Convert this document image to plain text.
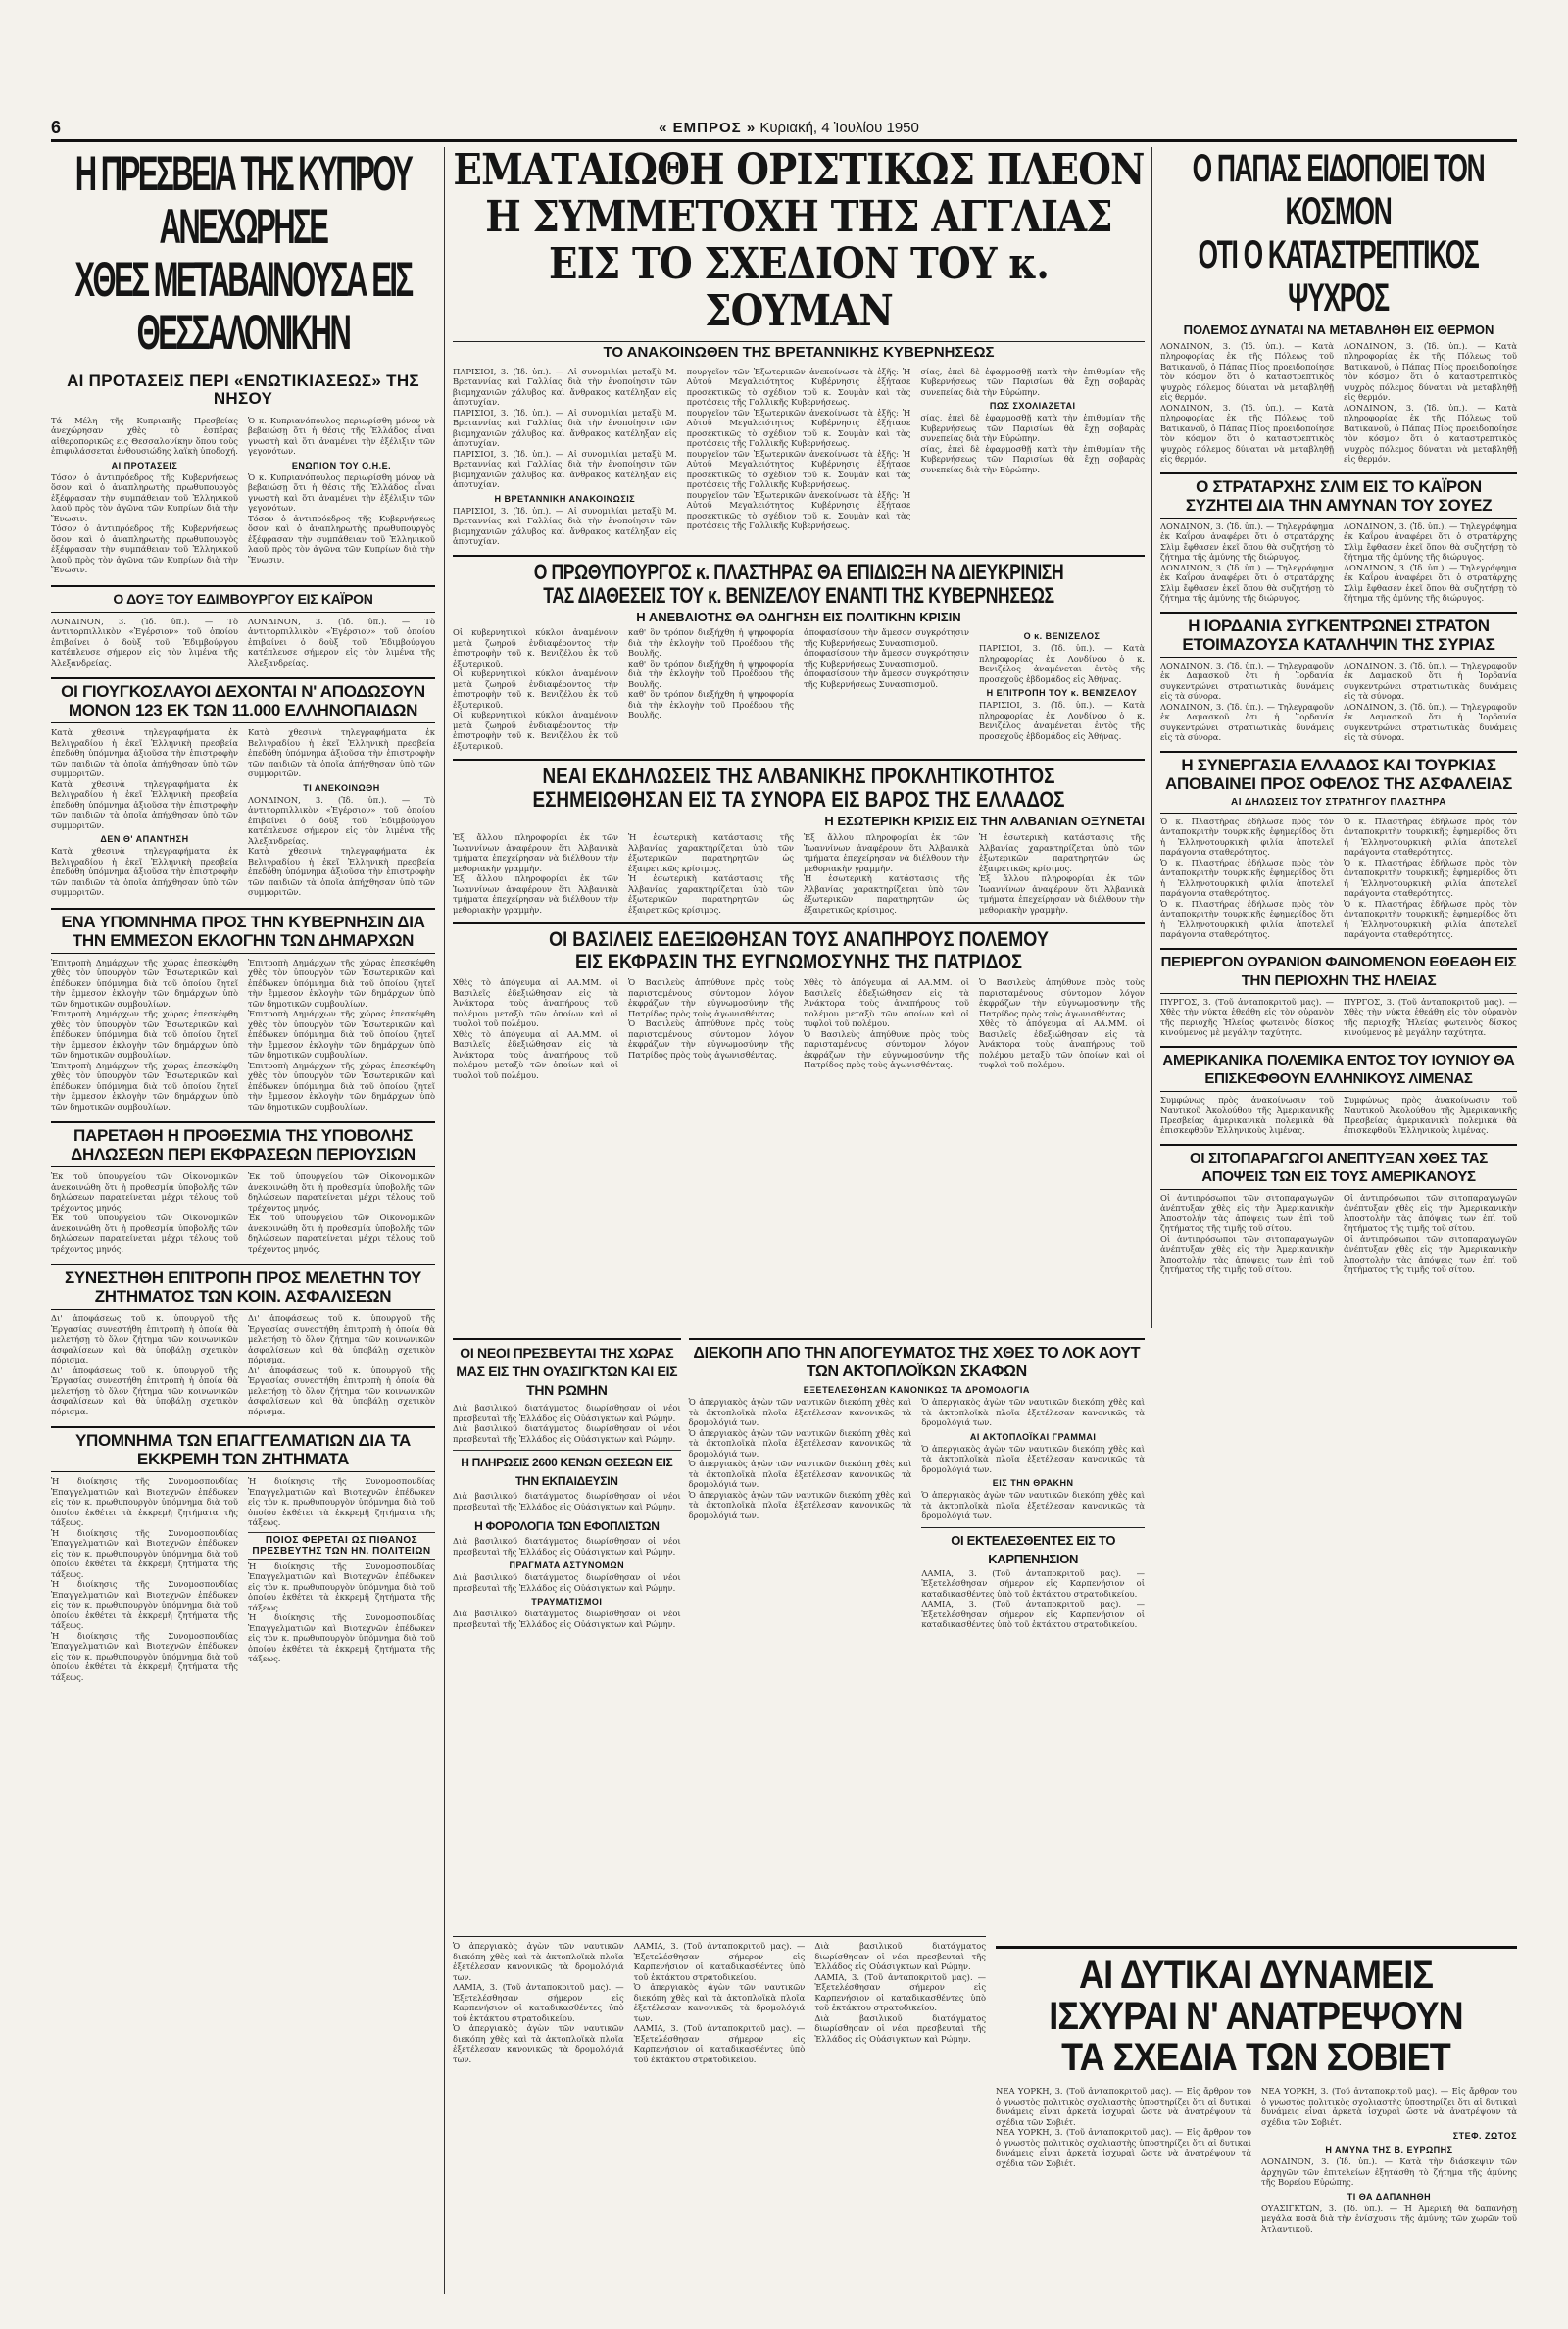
6	« ΕΜΠΡΟΣ » Κυριακή, 4 Ἰουλίου 1950
Η ΠΡΕΣΒΕΙΑ ΤΗΣ ΚΥΠΡΟΥ ΑΝΕΧΩΡΗΣΕ
ΧΘΕΣ ΜΕΤΑΒΑΙΝΟΥΣΑ ΕΙΣ ΘΕΣΣΑΛΟΝΙΚΗΝ
ΑΙ ΠΡΟΤΑΣΕΙΣ ΠΕΡΙ «ΕΝΩΤΙΚΙΑΣΕΩΣ» ΤΗΣ ΝΗΣΟΥ

Τά Μέλη τῆς Κυπριακῆς Πρεσβείας ἀνεχώρησαν χθὲς τὸ ἑσπέρας αἰθεροπορικῶς εἰς Θεσσαλονίκην ὅπου τοὺς ἐπιφυλάσσεται ἐνθουσιώδης λαϊκὴ ὑποδοχή.

ΑΙ ΠΡΟΤΑΣΕΙΣ

Τόσον ὁ ἀντιπρόεδρος τῆς Κυβερνήσεως ὅσον καὶ ὁ ἀναπληρωτὴς πρωθυπουργὸς ἐξέφρασαν τὴν συμπάθειαν τοῦ Ἑλληνικοῦ λαοῦ πρὸς τὸν ἀγῶνα τῶν Κυπρίων διὰ τὴν Ἕνωσιν.

Τόσον ὁ ἀντιπρόεδρος τῆς Κυβερνήσεως ὅσον καὶ ὁ ἀναπληρωτὴς πρωθυπουργὸς ἐξέφρασαν τὴν συμπάθειαν τοῦ Ἑλληνικοῦ λαοῦ πρὸς τὸν ἀγῶνα τῶν Κυπρίων διὰ τὴν Ἕνωσιν.

Ὁ κ. Κυπριανόπουλος περιωρίσθη μόνον νὰ βεβαιώσῃ ὅτι ἡ θέσις τῆς Ἑλλάδος εἶναι γνωστὴ καὶ ὅτι ἀναμένει τὴν ἐξέλιξιν τῶν γεγονότων.

ΕΝΩΠΙΟΝ ΤΟΥ Ο.Η.Ε.

Ὁ κ. Κυπριανόπουλος περιωρίσθη μόνον νὰ βεβαιώσῃ ὅτι ἡ θέσις τῆς Ἑλλάδος εἶναι γνωστὴ καὶ ὅτι ἀναμένει τὴν ἐξέλιξιν τῶν γεγονότων.

Τόσον ὁ ἀντιπρόεδρος τῆς Κυβερνήσεως ὅσον καὶ ὁ ἀναπληρωτὴς πρωθυπουργὸς ἐξέφρασαν τὴν συμπάθειαν τοῦ Ἑλληνικοῦ λαοῦ πρὸς τὸν ἀγῶνα τῶν Κυπρίων διὰ τὴν Ἕνωσιν.

Ο ΔΟΥΞ ΤΟΥ ΕΔΙΜΒΟΥΡΓΟΥ ΕΙΣ ΚΑΪΡΟΝ

ΛΟΝΔΙΝΟΝ, 3. (Ἰδ. ὑπ.). — Τὸ ἀντιτορπιλλικὸν «Ἐγέρσιον» τοῦ ὁποίου ἐπιβαίνει ὁ δοὺξ τοῦ Ἐδιμβούργου κατέπλευσε σήμερον εἰς τὸν λιμένα τῆς Ἀλεξανδρείας.

ΛΟΝΔΙΝΟΝ, 3. (Ἰδ. ὑπ.). — Τὸ ἀντιτορπιλλικὸν «Ἐγέρσιον» τοῦ ὁποίου ἐπιβαίνει ὁ δοὺξ τοῦ Ἐδιμβούργου κατέπλευσε σήμερον εἰς τὸν λιμένα τῆς Ἀλεξανδρείας.

ΟΙ ΓΙΟΥΓΚΟΣΛΑΥΟΙ ΔΕΧΟΝΤΑΙ Ν' ΑΠΟΔΩΣΟΥΝ ΜΟΝΟΝ 123 ΕΚ ΤΩΝ 11.000 ΕΛΛΗΝΟΠΑΙΔΩΝ

Κατὰ χθεσινὰ τηλεγραφήματα ἐκ Βελιγραδίου ἡ ἐκεῖ Ἑλληνικὴ πρεσβεία ἐπεδόθη ὑπόμνημα ἀξιοῦσα τὴν ἐπιστροφὴν τῶν παιδιῶν τὰ ὁποῖα ἀπήχθησαν ὑπὸ τῶν συμμοριτῶν.

Κατὰ χθεσινὰ τηλεγραφήματα ἐκ Βελιγραδίου ἡ ἐκεῖ Ἑλληνικὴ πρεσβεία ἐπεδόθη ὑπόμνημα ἀξιοῦσα τὴν ἐπιστροφὴν τῶν παιδιῶν τὰ ὁποῖα ἀπήχθησαν ὑπὸ τῶν συμμοριτῶν.

ΔΕΝ Θ' ΑΠΑΝΤΗΣΗ

Κατὰ χθεσινὰ τηλεγραφήματα ἐκ Βελιγραδίου ἡ ἐκεῖ Ἑλληνικὴ πρεσβεία ἐπεδόθη ὑπόμνημα ἀξιοῦσα τὴν ἐπιστροφὴν τῶν παιδιῶν τὰ ὁποῖα ἀπήχθησαν ὑπὸ τῶν συμμοριτῶν.

Κατὰ χθεσινὰ τηλεγραφήματα ἐκ Βελιγραδίου ἡ ἐκεῖ Ἑλληνικὴ πρεσβεία ἐπεδόθη ὑπόμνημα ἀξιοῦσα τὴν ἐπιστροφὴν τῶν παιδιῶν τὰ ὁποῖα ἀπήχθησαν ὑπὸ τῶν συμμοριτῶν.

ΤΙ ΑΝΕΚΟΙΝΩΘΗ

ΛΟΝΔΙΝΟΝ, 3. (Ἰδ. ὑπ.). — Τὸ ἀντιτορπιλλικὸν «Ἐγέρσιον» τοῦ ὁποίου ἐπιβαίνει ὁ δοὺξ τοῦ Ἐδιμβούργου κατέπλευσε σήμερον εἰς τὸν λιμένα τῆς Ἀλεξανδρείας.

Κατὰ χθεσινὰ τηλεγραφήματα ἐκ Βελιγραδίου ἡ ἐκεῖ Ἑλληνικὴ πρεσβεία ἐπεδόθη ὑπόμνημα ἀξιοῦσα τὴν ἐπιστροφὴν τῶν παιδιῶν τὰ ὁποῖα ἀπήχθησαν ὑπὸ τῶν συμμοριτῶν.

ΕΝΑ ΥΠΟΜΝΗΜΑ ΠΡΟΣ ΤΗΝ ΚΥΒΕΡΝΗΣΙΝ ΔΙΑ ΤΗΝ ΕΜΜΕΣΟΝ ΕΚΛΟΓΗΝ ΤΩΝ ΔΗΜΑΡΧΩΝ

Ἐπιτροπὴ Δημάρχων τῆς χώρας ἐπεσκέφθη χθὲς τὸν ὑπουργὸν τῶν Ἐσωτερικῶν καὶ ἐπέδωκεν ὑπόμνημα διὰ τοῦ ὁποίου ζητεῖ τὴν ἔμμεσον ἐκλογὴν τῶν δημάρχων ὑπὸ τῶν δημοτικῶν συμβουλίων.

Ἐπιτροπὴ Δημάρχων τῆς χώρας ἐπεσκέφθη χθὲς τὸν ὑπουργὸν τῶν Ἐσωτερικῶν καὶ ἐπέδωκεν ὑπόμνημα διὰ τοῦ ὁποίου ζητεῖ τὴν ἔμμεσον ἐκλογὴν τῶν δημάρχων ὑπὸ τῶν δημοτικῶν συμβουλίων.

Ἐπιτροπὴ Δημάρχων τῆς χώρας ἐπεσκέφθη χθὲς τὸν ὑπουργὸν τῶν Ἐσωτερικῶν καὶ ἐπέδωκεν ὑπόμνημα διὰ τοῦ ὁποίου ζητεῖ τὴν ἔμμεσον ἐκλογὴν τῶν δημάρχων ὑπὸ τῶν δημοτικῶν συμβουλίων.

Ἐπιτροπὴ Δημάρχων τῆς χώρας ἐπεσκέφθη χθὲς τὸν ὑπουργὸν τῶν Ἐσωτερικῶν καὶ ἐπέδωκεν ὑπόμνημα διὰ τοῦ ὁποίου ζητεῖ τὴν ἔμμεσον ἐκλογὴν τῶν δημάρχων ὑπὸ τῶν δημοτικῶν συμβουλίων.

Ἐπιτροπὴ Δημάρχων τῆς χώρας ἐπεσκέφθη χθὲς τὸν ὑπουργὸν τῶν Ἐσωτερικῶν καὶ ἐπέδωκεν ὑπόμνημα διὰ τοῦ ὁποίου ζητεῖ τὴν ἔμμεσον ἐκλογὴν τῶν δημάρχων ὑπὸ τῶν δημοτικῶν συμβουλίων.

Ἐπιτροπὴ Δημάρχων τῆς χώρας ἐπεσκέφθη χθὲς τὸν ὑπουργὸν τῶν Ἐσωτερικῶν καὶ ἐπέδωκεν ὑπόμνημα διὰ τοῦ ὁποίου ζητεῖ τὴν ἔμμεσον ἐκλογὴν τῶν δημάρχων ὑπὸ τῶν δημοτικῶν συμβουλίων.

ΠΑΡΕΤΑΘΗ Η ΠΡΟΘΕΣΜΙΑ ΤΗΣ ΥΠΟΒΟΛΗΣ ΔΗΛΩΣΕΩΝ ΠΕΡΙ ΕΚΦΡΑΣΕΩΝ ΠΕΡΙΟΥΣΙΩΝ

Ἐκ τοῦ ὑπουργείου τῶν Οἰκονομικῶν ἀνεκοινώθη ὅτι ἡ προθεσμία ὑποβολῆς τῶν δηλώσεων παρατείνεται μέχρι τέλους τοῦ τρέχοντος μηνός.

Ἐκ τοῦ ὑπουργείου τῶν Οἰκονομικῶν ἀνεκοινώθη ὅτι ἡ προθεσμία ὑποβολῆς τῶν δηλώσεων παρατείνεται μέχρι τέλους τοῦ τρέχοντος μηνός.

Ἐκ τοῦ ὑπουργείου τῶν Οἰκονομικῶν ἀνεκοινώθη ὅτι ἡ προθεσμία ὑποβολῆς τῶν δηλώσεων παρατείνεται μέχρι τέλους τοῦ τρέχοντος μηνός.

Ἐκ τοῦ ὑπουργείου τῶν Οἰκονομικῶν ἀνεκοινώθη ὅτι ἡ προθεσμία ὑποβολῆς τῶν δηλώσεων παρατείνεται μέχρι τέλους τοῦ τρέχοντος μηνός.

ΣΥΝΕΣΤΗΘΗ ΕΠΙΤΡΟΠΗ ΠΡΟΣ ΜΕΛΕΤΗΝ ΤΟΥ ΖΗΤΗΜΑΤΟΣ ΤΩΝ ΚΟΙΝ. ΑΣΦΑΛΙΣΕΩΝ

Δι' ἀποφάσεως τοῦ κ. ὑπουργοῦ τῆς Ἐργασίας συνεστήθη ἐπιτροπὴ ἡ ὁποία θὰ μελετήσῃ τὸ ὅλον ζήτημα τῶν κοινωνικῶν ἀσφαλίσεων καὶ θὰ ὑποβάλῃ σχετικὸν πόρισμα.

Δι' ἀποφάσεως τοῦ κ. ὑπουργοῦ τῆς Ἐργασίας συνεστήθη ἐπιτροπὴ ἡ ὁποία θὰ μελετήσῃ τὸ ὅλον ζήτημα τῶν κοινωνικῶν ἀσφαλίσεων καὶ θὰ ὑποβάλῃ σχετικὸν πόρισμα.

Δι' ἀποφάσεως τοῦ κ. ὑπουργοῦ τῆς Ἐργασίας συνεστήθη ἐπιτροπὴ ἡ ὁποία θὰ μελετήσῃ τὸ ὅλον ζήτημα τῶν κοινωνικῶν ἀσφαλίσεων καὶ θὰ ὑποβάλῃ σχετικὸν πόρισμα.

Δι' ἀποφάσεως τοῦ κ. ὑπουργοῦ τῆς Ἐργασίας συνεστήθη ἐπιτροπὴ ἡ ὁποία θὰ μελετήσῃ τὸ ὅλον ζήτημα τῶν κοινωνικῶν ἀσφαλίσεων καὶ θὰ ὑποβάλῃ σχετικὸν πόρισμα.

ΥΠΟΜΝΗΜΑ ΤΩΝ ΕΠΑΓΓΕΛΜΑΤΙΩΝ ΔΙΑ ΤΑ ΕΚΚΡΕΜΗ ΤΩΝ ΖΗΤΗΜΑΤΑ

Ἡ διοίκησις τῆς Συνομοσπονδίας Ἐπαγγελματιῶν καὶ Βιοτεχνῶν ἐπέδωκεν εἰς τὸν κ. πρωθυπουργὸν ὑπόμνημα διὰ τοῦ ὁποίου ἐκθέτει τὰ ἐκκρεμῆ ζητήματα τῆς τάξεως.

Ἡ διοίκησις τῆς Συνομοσπονδίας Ἐπαγγελματιῶν καὶ Βιοτεχνῶν ἐπέδωκεν εἰς τὸν κ. πρωθυπουργὸν ὑπόμνημα διὰ τοῦ ὁποίου ἐκθέτει τὰ ἐκκρεμῆ ζητήματα τῆς τάξεως.

Ἡ διοίκησις τῆς Συνομοσπονδίας Ἐπαγγελματιῶν καὶ Βιοτεχνῶν ἐπέδωκεν εἰς τὸν κ. πρωθυπουργὸν ὑπόμνημα διὰ τοῦ ὁποίου ἐκθέτει τὰ ἐκκρεμῆ ζητήματα τῆς τάξεως.

Ἡ διοίκησις τῆς Συνομοσπονδίας Ἐπαγγελματιῶν καὶ Βιοτεχνῶν ἐπέδωκεν εἰς τὸν κ. πρωθυπουργὸν ὑπόμνημα διὰ τοῦ ὁποίου ἐκθέτει τὰ ἐκκρεμῆ ζητήματα τῆς τάξεως.

Ἡ διοίκησις τῆς Συνομοσπονδίας Ἐπαγγελματιῶν καὶ Βιοτεχνῶν ἐπέδωκεν εἰς τὸν κ. πρωθυπουργὸν ὑπόμνημα διὰ τοῦ ὁποίου ἐκθέτει τὰ ἐκκρεμῆ ζητήματα τῆς τάξεως.

ΠΟΙΟΣ ΦΕΡΕΤΑΙ ΩΣ ΠΙΘΑΝΟΣ ΠΡΕΣΒΕΥΤΗΣ ΤΩΝ ΗΝ. ΠΟΛΙΤΕΙΩΝ

Ἡ διοίκησις τῆς Συνομοσπονδίας Ἐπαγγελματιῶν καὶ Βιοτεχνῶν ἐπέδωκεν εἰς τὸν κ. πρωθυπουργὸν ὑπόμνημα διὰ τοῦ ὁποίου ἐκθέτει τὰ ἐκκρεμῆ ζητήματα τῆς τάξεως.

Ἡ διοίκησις τῆς Συνομοσπονδίας Ἐπαγγελματιῶν καὶ Βιοτεχνῶν ἐπέδωκεν εἰς τὸν κ. πρωθυπουργὸν ὑπόμνημα διὰ τοῦ ὁποίου ἐκθέτει τὰ ἐκκρεμῆ ζητήματα τῆς τάξεως.

ΕΜΑΤΑΙΩΘΗ ΟΡΙΣΤΙΚΩΣ ΠΛΕΟΝ
Η ΣΥΜΜΕΤΟΧΗ ΤΗΣ ΑΓΓΛΙΑΣ
ΕΙΣ ΤΟ ΣΧΕΔΙΟΝ ΤΟΥ κ. ΣΟΥΜΑΝ
ΤΟ ΑΝΑΚΟΙΝΩΘΕΝ ΤΗΣ ΒΡΕΤΑΝΝΙΚΗΣ ΚΥΒΕΡΝΗΣΕΩΣ

ΠΑΡΙΣΙΟΙ, 3. (Ἰδ. ὑπ.). — Αἱ συνομιλίαι μεταξὺ Μ. Βρεταννίας καὶ Γαλλίας διὰ τὴν ἐνοποίησιν τῶν βιομηχανιῶν χάλυβος καὶ ἄνθρακος κατέληξαν εἰς ἀποτυχίαν.

ΠΑΡΙΣΙΟΙ, 3. (Ἰδ. ὑπ.). — Αἱ συνομιλίαι μεταξὺ Μ. Βρεταννίας καὶ Γαλλίας διὰ τὴν ἐνοποίησιν τῶν βιομηχανιῶν χάλυβος καὶ ἄνθρακος κατέληξαν εἰς ἀποτυχίαν.

ΠΑΡΙΣΙΟΙ, 3. (Ἰδ. ὑπ.). — Αἱ συνομιλίαι μεταξὺ Μ. Βρεταννίας καὶ Γαλλίας διὰ τὴν ἐνοποίησιν τῶν βιομηχανιῶν χάλυβος καὶ ἄνθρακος κατέληξαν εἰς ἀποτυχίαν.

Η ΒΡΕΤΑΝΝΙΚΗ ΑΝΑΚΟΙΝΩΣΙΣ

ΠΑΡΙΣΙΟΙ, 3. (Ἰδ. ὑπ.). — Αἱ συνομιλίαι μεταξὺ Μ. Βρεταννίας καὶ Γαλλίας διὰ τὴν ἐνοποίησιν τῶν βιομηχανιῶν χάλυβος καὶ ἄνθρακος κατέληξαν εἰς ἀποτυχίαν.

πουργεῖον τῶν Ἐξωτερικῶν ἀνεκοίνωσε τὰ ἑξῆς: Ἡ Αὐτοῦ Μεγαλειότητος Κυβέρνησις ἐξήτασε προσεκτικῶς τὸ σχέδιον τοῦ κ. Σουμὰν καὶ τὰς προτάσεις τῆς Γαλλικῆς Κυβερνήσεως.

πουργεῖον τῶν Ἐξωτερικῶν ἀνεκοίνωσε τὰ ἑξῆς: Ἡ Αὐτοῦ Μεγαλειότητος Κυβέρνησις ἐξήτασε προσεκτικῶς τὸ σχέδιον τοῦ κ. Σουμὰν καὶ τὰς προτάσεις τῆς Γαλλικῆς Κυβερνήσεως.

πουργεῖον τῶν Ἐξωτερικῶν ἀνεκοίνωσε τὰ ἑξῆς: Ἡ Αὐτοῦ Μεγαλειότητος Κυβέρνησις ἐξήτασε προσεκτικῶς τὸ σχέδιον τοῦ κ. Σουμὰν καὶ τὰς προτάσεις τῆς Γαλλικῆς Κυβερνήσεως.

πουργεῖον τῶν Ἐξωτερικῶν ἀνεκοίνωσε τὰ ἑξῆς: Ἡ Αὐτοῦ Μεγαλειότητος Κυβέρνησις ἐξήτασε προσεκτικῶς τὸ σχέδιον τοῦ κ. Σουμὰν καὶ τὰς προτάσεις τῆς Γαλλικῆς Κυβερνήσεως.

σίας, ἐπεὶ δὲ ἐφαρμοσθῇ κατὰ τὴν ἐπιθυμίαν τῆς Κυβερνήσεως τῶν Παρισίων θὰ ἔχῃ σοβαρὰς συνεπείας διὰ τὴν Εὐρώπην.

ΠΩΣ ΣΧΟΛΙΑΖΕΤΑΙ

σίας, ἐπεὶ δὲ ἐφαρμοσθῇ κατὰ τὴν ἐπιθυμίαν τῆς Κυβερνήσεως τῶν Παρισίων θὰ ἔχῃ σοβαρὰς συνεπείας διὰ τὴν Εὐρώπην.

σίας, ἐπεὶ δὲ ἐφαρμοσθῇ κατὰ τὴν ἐπιθυμίαν τῆς Κυβερνήσεως τῶν Παρισίων θὰ ἔχῃ σοβαρὰς συνεπείας διὰ τὴν Εὐρώπην.

Ο ΠΡΩΘΥΠΟΥΡΓΟΣ κ. ΠΛΑΣΤΗΡΑΣ ΘΑ ΕΠΙΔΙΩΞΗ ΝΑ ΔΙΕΥΚΡΙΝΙΣΗ
ΤΑΣ ΔΙΑΘΕΣΕΙΣ ΤΟΥ κ. ΒΕΝΙΖΕΛΟΥ ΕΝΑΝΤΙ ΤΗΣ ΚΥΒΕΡΝΗΣΕΩΣ
Η ΑΝΕΒΑΙΟΤΗΣ ΘΑ ΟΔΗΓΗΣΗ ΕΙΣ ΠΟΛΙΤΙΚΗΝ ΚΡΙΣΙΝ

Οἱ κυβερνητικοὶ κύκλοι ἀναμένουν μετὰ ζωηροῦ ἐνδιαφέροντος τὴν ἐπιστροφὴν τοῦ κ. Βενιζέλου ἐκ τοῦ ἐξωτερικοῦ.

Οἱ κυβερνητικοὶ κύκλοι ἀναμένουν μετὰ ζωηροῦ ἐνδιαφέροντος τὴν ἐπιστροφὴν τοῦ κ. Βενιζέλου ἐκ τοῦ ἐξωτερικοῦ.

Οἱ κυβερνητικοὶ κύκλοι ἀναμένουν μετὰ ζωηροῦ ἐνδιαφέροντος τὴν ἐπιστροφὴν τοῦ κ. Βενιζέλου ἐκ τοῦ ἐξωτερικοῦ.

καθ' ὃν τρόπον διεξήχθη ἡ ψηφοφορία διὰ τὴν ἐκλογὴν τοῦ Προέδρου τῆς Βουλῆς.

καθ' ὃν τρόπον διεξήχθη ἡ ψηφοφορία διὰ τὴν ἐκλογὴν τοῦ Προέδρου τῆς Βουλῆς.

καθ' ὃν τρόπον διεξήχθη ἡ ψηφοφορία διὰ τὴν ἐκλογὴν τοῦ Προέδρου τῆς Βουλῆς.

ἀποφασίσουν τὴν ἄμεσον συγκρότησιν τῆς Κυβερνήσεως Συνασπισμοῦ.

ἀποφασίσουν τὴν ἄμεσον συγκρότησιν τῆς Κυβερνήσεως Συνασπισμοῦ.

ἀποφασίσουν τὴν ἄμεσον συγκρότησιν τῆς Κυβερνήσεως Συνασπισμοῦ.

Ο κ. ΒΕΝΙΖΕΛΟΣ

ΠΑΡΙΣΙΟΙ, 3. (Ἰδ. ὑπ.). — Κατὰ πληροφορίας ἐκ Λονδίνου ὁ κ. Βενιζέλος ἀναμένεται ἐντὸς τῆς προσεχοῦς ἑβδομάδος εἰς Ἀθήνας.

Η ΕΠΙΤΡΟΠΗ ΤΟΥ κ. ΒΕΝΙΖΕΛΟΥ

ΠΑΡΙΣΙΟΙ, 3. (Ἰδ. ὑπ.). — Κατὰ πληροφορίας ἐκ Λονδίνου ὁ κ. Βενιζέλος ἀναμένεται ἐντὸς τῆς προσεχοῦς ἑβδομάδος εἰς Ἀθήνας.

ΝΕΑΙ ΕΚΔΗΛΩΣΕΙΣ ΤΗΣ ΑΛΒΑΝΙΚΗΣ ΠΡΟΚΛΗΤΙΚΟΤΗΤΟΣ
ΕΣΗΜΕΙΩΘΗΣΑΝ ΕΙΣ ΤΑ ΣΥΝΟΡΑ ΕΙΣ ΒΑΡΟΣ ΤΗΣ ΕΛΛΑΔΟΣ
Η ΕΣΩΤΕΡΙΚΗ ΚΡΙΣΙΣ ΕΙΣ ΤΗΝ ΑΛΒΑΝΙΑΝ ΟΞΥΝΕΤΑΙ

Ἐξ ἄλλου πληροφορίαι ἐκ τῶν Ἰωαννίνων ἀναφέρουν ὅτι Ἀλβανικὰ τμήματα ἐπεχείρησαν νὰ διέλθουν τὴν μεθοριακὴν γραμμὴν.

Ἐξ ἄλλου πληροφορίαι ἐκ τῶν Ἰωαννίνων ἀναφέρουν ὅτι Ἀλβανικὰ τμήματα ἐπεχείρησαν νὰ διέλθουν τὴν μεθοριακὴν γραμμὴν.

Ἡ ἐσωτερικὴ κατάστασις τῆς Ἀλβανίας χαρακτηρίζεται ὑπὸ τῶν ἐξωτερικῶν παρατηρητῶν ὡς ἐξαιρετικῶς κρίσιμος.

Ἡ ἐσωτερικὴ κατάστασις τῆς Ἀλβανίας χαρακτηρίζεται ὑπὸ τῶν ἐξωτερικῶν παρατηρητῶν ὡς ἐξαιρετικῶς κρίσιμος.

Ἐξ ἄλλου πληροφορίαι ἐκ τῶν Ἰωαννίνων ἀναφέρουν ὅτι Ἀλβανικὰ τμήματα ἐπεχείρησαν νὰ διέλθουν τὴν μεθοριακὴν γραμμὴν.

Ἡ ἐσωτερικὴ κατάστασις τῆς Ἀλβανίας χαρακτηρίζεται ὑπὸ τῶν ἐξωτερικῶν παρατηρητῶν ὡς ἐξαιρετικῶς κρίσιμος.

Ἡ ἐσωτερικὴ κατάστασις τῆς Ἀλβανίας χαρακτηρίζεται ὑπὸ τῶν ἐξωτερικῶν παρατηρητῶν ὡς ἐξαιρετικῶς κρίσιμος.

Ἐξ ἄλλου πληροφορίαι ἐκ τῶν Ἰωαννίνων ἀναφέρουν ὅτι Ἀλβανικὰ τμήματα ἐπεχείρησαν νὰ διέλθουν τὴν μεθοριακὴν γραμμὴν.

ΟΙ ΒΑΣΙΛΕΙΣ ΕΔΕΞΙΩΘΗΣΑΝ ΤΟΥΣ ΑΝΑΠΗΡΟΥΣ ΠΟΛΕΜΟΥ
ΕΙΣ ΕΚΦΡΑΣΙΝ ΤΗΣ ΕΥΓΝΩΜΟΣΥΝΗΣ ΤΗΣ ΠΑΤΡΙΔΟΣ

Χθὲς τὸ ἀπόγευμα αἱ ΑΑ.ΜΜ. οἱ Βασιλεῖς ἐδεξιώθησαν εἰς τὰ Ἀνάκτορα τοὺς ἀναπήρους τοῦ πολέμου μεταξὺ τῶν ὁποίων καὶ οἱ τυφλοὶ τοῦ πολέμου.

Χθὲς τὸ ἀπόγευμα αἱ ΑΑ.ΜΜ. οἱ Βασιλεῖς ἐδεξιώθησαν εἰς τὰ Ἀνάκτορα τοὺς ἀναπήρους τοῦ πολέμου μεταξὺ τῶν ὁποίων καὶ οἱ τυφλοὶ τοῦ πολέμου.

Ὁ Βασιλεὺς ἀπηύθυνε πρὸς τοὺς παρισταμένους σύντομον λόγον ἐκφράζων τὴν εὐγνωμοσύνην τῆς Πατρίδος πρὸς τοὺς ἀγωνισθέντας.

Ὁ Βασιλεὺς ἀπηύθυνε πρὸς τοὺς παρισταμένους σύντομον λόγον ἐκφράζων τὴν εὐγνωμοσύνην τῆς Πατρίδος πρὸς τοὺς ἀγωνισθέντας.

Χθὲς τὸ ἀπόγευμα αἱ ΑΑ.ΜΜ. οἱ Βασιλεῖς ἐδεξιώθησαν εἰς τὰ Ἀνάκτορα τοὺς ἀναπήρους τοῦ πολέμου μεταξὺ τῶν ὁποίων καὶ οἱ τυφλοὶ τοῦ πολέμου.

Ὁ Βασιλεὺς ἀπηύθυνε πρὸς τοὺς παρισταμένους σύντομον λόγον ἐκφράζων τὴν εὐγνωμοσύνην τῆς Πατρίδος πρὸς τοὺς ἀγωνισθέντας.

Ὁ Βασιλεὺς ἀπηύθυνε πρὸς τοὺς παρισταμένους σύντομον λόγον ἐκφράζων τὴν εὐγνωμοσύνην τῆς Πατρίδος πρὸς τοὺς ἀγωνισθέντας.

Χθὲς τὸ ἀπόγευμα αἱ ΑΑ.ΜΜ. οἱ Βασιλεῖς ἐδεξιώθησαν εἰς τὰ Ἀνάκτορα τοὺς ἀναπήρους τοῦ πολέμου μεταξὺ τῶν ὁποίων καὶ οἱ τυφλοὶ τοῦ πολέμου.

ΟΙ ΝΕΟΙ ΠΡΕΣΒΕΥΤΑΙ ΤΗΣ ΧΩΡΑΣ ΜΑΣ ΕΙΣ ΤΗΝ ΟΥΑΣΙΓΚΤΩΝ ΚΑΙ ΕΙΣ ΤΗΝ ΡΩΜΗΝ

Διὰ βασιλικοῦ διατάγματος διωρίσθησαν οἱ νέοι πρεσβευταὶ τῆς Ἑλλάδος εἰς Οὐάσιγκτων καὶ Ρώμην.

Διὰ βασιλικοῦ διατάγματος διωρίσθησαν οἱ νέοι πρεσβευταὶ τῆς Ἑλλάδος εἰς Οὐάσιγκτων καὶ Ρώμην.

Η ΠΛΗΡΩΣΙΣ 2600 ΚΕΝΩΝ ΘΕΣΕΩΝ ΕΙΣ ΤΗΝ ΕΚΠΑΙΔΕΥΣΙΝ

Διὰ βασιλικοῦ διατάγματος διωρίσθησαν οἱ νέοι πρεσβευταὶ τῆς Ἑλλάδος εἰς Οὐάσιγκτων καὶ Ρώμην.

Η ΦΟΡΟΛΟΓΙΑ ΤΩΝ ΕΦΟΠΛΙΣΤΩΝ

Διὰ βασιλικοῦ διατάγματος διωρίσθησαν οἱ νέοι πρεσβευταὶ τῆς Ἑλλάδος εἰς Οὐάσιγκτων καὶ Ρώμην.

ΠΡΑΓΜΑΤΑ ΑΣΤΥΝΟΜΩΝ

Διὰ βασιλικοῦ διατάγματος διωρίσθησαν οἱ νέοι πρεσβευταὶ τῆς Ἑλλάδος εἰς Οὐάσιγκτων καὶ Ρώμην.

ΤΡΑΥΜΑΤΙΣΜΟΙ

Διὰ βασιλικοῦ διατάγματος διωρίσθησαν οἱ νέοι πρεσβευταὶ τῆς Ἑλλάδος εἰς Οὐάσιγκτων καὶ Ρώμην.

ΔΙΕΚΟΠΗ ΑΠΟ ΤΗΝ ΑΠΟΓΕΥΜΑΤΟΣ ΤΗΣ ΧΘΕΣ ΤΟ ΛΟΚ ΑΟΥΤ ΤΩΝ ΑΚΤΟΠΛΟΪΚΩΝ ΣΚΑΦΩΝ
ΕΞΕΤΕΛΕΣΘΗΣΑΝ ΚΑΝΟΝΙΚΩΣ ΤΑ ΔΡΟΜΟΛΟΓΙΑ

Ὁ ἀπεργιακὸς ἀγὼν τῶν ναυτικῶν διεκόπη χθὲς καὶ τὰ ἀκτοπλοϊκὰ πλοῖα ἐξετέλεσαν κανονικῶς τὰ δρομολόγιά των.

Ὁ ἀπεργιακὸς ἀγὼν τῶν ναυτικῶν διεκόπη χθὲς καὶ τὰ ἀκτοπλοϊκὰ πλοῖα ἐξετέλεσαν κανονικῶς τὰ δρομολόγιά των.

Ὁ ἀπεργιακὸς ἀγὼν τῶν ναυτικῶν διεκόπη χθὲς καὶ τὰ ἀκτοπλοϊκὰ πλοῖα ἐξετέλεσαν κανονικῶς τὰ δρομολόγιά των.

Ὁ ἀπεργιακὸς ἀγὼν τῶν ναυτικῶν διεκόπη χθὲς καὶ τὰ ἀκτοπλοϊκὰ πλοῖα ἐξετέλεσαν κανονικῶς τὰ δρομολόγιά των.

Ὁ ἀπεργιακὸς ἀγὼν τῶν ναυτικῶν διεκόπη χθὲς καὶ τὰ ἀκτοπλοϊκὰ πλοῖα ἐξετέλεσαν κανονικῶς τὰ δρομολόγιά των.

ΑΙ ΑΚΤΟΠΛΟΪΚΑΙ ΓΡΑΜΜΑΙ

Ὁ ἀπεργιακὸς ἀγὼν τῶν ναυτικῶν διεκόπη χθὲς καὶ τὰ ἀκτοπλοϊκὰ πλοῖα ἐξετέλεσαν κανονικῶς τὰ δρομολόγιά των.

ΕΙΣ ΤΗΝ ΘΡΑΚΗΝ

Ὁ ἀπεργιακὸς ἀγὼν τῶν ναυτικῶν διεκόπη χθὲς καὶ τὰ ἀκτοπλοϊκὰ πλοῖα ἐξετέλεσαν κανονικῶς τὰ δρομολόγιά των.

ΟΙ ΕΚΤΕΛΕΣΘΕΝΤΕΣ ΕΙΣ ΤΟ ΚΑΡΠΕΝΗΣΙΟΝ

ΛΑΜΙΑ, 3. (Τοῦ ἀνταποκριτοῦ μας). — Ἐξετελέσθησαν σήμερον εἰς Καρπενήσιον οἱ καταδικασθέντες ὑπὸ τοῦ ἐκτάκτου στρατοδικείου.

ΛΑΜΙΑ, 3. (Τοῦ ἀνταποκριτοῦ μας). — Ἐξετελέσθησαν σήμερον εἰς Καρπενήσιον οἱ καταδικασθέντες ὑπὸ τοῦ ἐκτάκτου στρατοδικείου.

Ο ΠΑΠΑΣ ΕΙΔΟΠΟΙΕΙ ΤΟΝ ΚΟΣΜΟΝ
ΟΤΙ Ο ΚΑΤΑΣΤΡΕΠΤΙΚΟΣ ΨΥΧΡΟΣ
ΠΟΛΕΜΟΣ ΔΥΝΑΤΑΙ ΝΑ ΜΕΤΑΒΛΗΘΗ ΕΙΣ ΘΕΡΜΟΝ

ΛΟΝΔΙΝΟΝ, 3. (Ἰδ. ὑπ.). — Κατὰ πληροφορίας ἐκ τῆς Πόλεως τοῦ Βατικανοῦ, ὁ Πάπας Πίος προειδοποίησε τὸν κόσμον ὅτι ὁ καταστρεπτικὸς ψυχρὸς πόλεμος δύναται νὰ μεταβληθῇ εἰς θερμόν.

ΛΟΝΔΙΝΟΝ, 3. (Ἰδ. ὑπ.). — Κατὰ πληροφορίας ἐκ τῆς Πόλεως τοῦ Βατικανοῦ, ὁ Πάπας Πίος προειδοποίησε τὸν κόσμον ὅτι ὁ καταστρεπτικὸς ψυχρὸς πόλεμος δύναται νὰ μεταβληθῇ εἰς θερμόν.

ΛΟΝΔΙΝΟΝ, 3. (Ἰδ. ὑπ.). — Κατὰ πληροφορίας ἐκ τῆς Πόλεως τοῦ Βατικανοῦ, ὁ Πάπας Πίος προειδοποίησε τὸν κόσμον ὅτι ὁ καταστρεπτικὸς ψυχρὸς πόλεμος δύναται νὰ μεταβληθῇ εἰς θερμόν.

ΛΟΝΔΙΝΟΝ, 3. (Ἰδ. ὑπ.). — Κατὰ πληροφορίας ἐκ τῆς Πόλεως τοῦ Βατικανοῦ, ὁ Πάπας Πίος προειδοποίησε τὸν κόσμον ὅτι ὁ καταστρεπτικὸς ψυχρὸς πόλεμος δύναται νὰ μεταβληθῇ εἰς θερμόν.

Ο ΣΤΡΑΤΑΡΧΗΣ ΣΛΙΜ ΕΙΣ ΤΟ ΚΑΪΡΟΝ ΣΥΖΗΤΕΙ ΔΙΑ ΤΗΝ ΑΜΥΝΑΝ ΤΟΥ ΣΟΥΕΖ

ΛΟΝΔΙΝΟΝ, 3. (Ἰδ. ὑπ.). — Τηλεγράφημα ἐκ Καΐρου ἀναφέρει ὅτι ὁ στρατάρχης Σλὶμ ἔφθασεν ἐκεῖ ὅπου θὰ συζητήσῃ τὸ ζήτημα τῆς ἀμύνης τῆς διώρυγος.

ΛΟΝΔΙΝΟΝ, 3. (Ἰδ. ὑπ.). — Τηλεγράφημα ἐκ Καΐρου ἀναφέρει ὅτι ὁ στρατάρχης Σλὶμ ἔφθασεν ἐκεῖ ὅπου θὰ συζητήσῃ τὸ ζήτημα τῆς ἀμύνης τῆς διώρυγος.

ΛΟΝΔΙΝΟΝ, 3. (Ἰδ. ὑπ.). — Τηλεγράφημα ἐκ Καΐρου ἀναφέρει ὅτι ὁ στρατάρχης Σλὶμ ἔφθασεν ἐκεῖ ὅπου θὰ συζητήσῃ τὸ ζήτημα τῆς ἀμύνης τῆς διώρυγος.

ΛΟΝΔΙΝΟΝ, 3. (Ἰδ. ὑπ.). — Τηλεγράφημα ἐκ Καΐρου ἀναφέρει ὅτι ὁ στρατάρχης Σλὶμ ἔφθασεν ἐκεῖ ὅπου θὰ συζητήσῃ τὸ ζήτημα τῆς ἀμύνης τῆς διώρυγος.

Η ΙΟΡΔΑΝΙΑ ΣΥΓΚΕΝΤΡΩΝΕΙ ΣΤΡΑΤΟΝ ΕΤΟΙΜΑΖΟΥΣΑ ΚΑΤΑΛΗΨΙΝ ΤΗΣ ΣΥΡΙΑΣ

ΛΟΝΔΙΝΟΝ, 3. (Ἰδ. ὑπ.). — Τηλεγραφοῦν ἐκ Δαμασκοῦ ὅτι ἡ Ἰορδανία συγκεντρώνει στρατιωτικὰς δυνάμεις εἰς τὰ σύνορα.

ΛΟΝΔΙΝΟΝ, 3. (Ἰδ. ὑπ.). — Τηλεγραφοῦν ἐκ Δαμασκοῦ ὅτι ἡ Ἰορδανία συγκεντρώνει στρατιωτικὰς δυνάμεις εἰς τὰ σύνορα.

ΛΟΝΔΙΝΟΝ, 3. (Ἰδ. ὑπ.). — Τηλεγραφοῦν ἐκ Δαμασκοῦ ὅτι ἡ Ἰορδανία συγκεντρώνει στρατιωτικὰς δυνάμεις εἰς τὰ σύνορα.

ΛΟΝΔΙΝΟΝ, 3. (Ἰδ. ὑπ.). — Τηλεγραφοῦν ἐκ Δαμασκοῦ ὅτι ἡ Ἰορδανία συγκεντρώνει στρατιωτικὰς δυνάμεις εἰς τὰ σύνορα.

Η ΣΥΝΕΡΓΑΣΙΑ ΕΛΛΑΔΟΣ ΚΑΙ ΤΟΥΡΚΙΑΣ ΑΠΟΒΑΙΝΕΙ ΠΡΟΣ ΟΦΕΛΟΣ ΤΗΣ ΑΣΦΑΛΕΙΑΣ
ΑΙ ΔΗΛΩΣΕΙΣ ΤΟΥ ΣΤΡΑΤΗΓΟΥ ΠΛΑΣΤΗΡΑ

Ὁ κ. Πλαστήρας ἐδήλωσε πρὸς τὸν ἀνταποκριτὴν τουρκικῆς ἐφημερίδος ὅτι ἡ Ἑλληνοτουρκικὴ φιλία ἀποτελεῖ παράγοντα σταθερότητος.

Ὁ κ. Πλαστήρας ἐδήλωσε πρὸς τὸν ἀνταποκριτὴν τουρκικῆς ἐφημερίδος ὅτι ἡ Ἑλληνοτουρκικὴ φιλία ἀποτελεῖ παράγοντα σταθερότητος.

Ὁ κ. Πλαστήρας ἐδήλωσε πρὸς τὸν ἀνταποκριτὴν τουρκικῆς ἐφημερίδος ὅτι ἡ Ἑλληνοτουρκικὴ φιλία ἀποτελεῖ παράγοντα σταθερότητος.

Ὁ κ. Πλαστήρας ἐδήλωσε πρὸς τὸν ἀνταποκριτὴν τουρκικῆς ἐφημερίδος ὅτι ἡ Ἑλληνοτουρκικὴ φιλία ἀποτελεῖ παράγοντα σταθερότητος.

Ὁ κ. Πλαστήρας ἐδήλωσε πρὸς τὸν ἀνταποκριτὴν τουρκικῆς ἐφημερίδος ὅτι ἡ Ἑλληνοτουρκικὴ φιλία ἀποτελεῖ παράγοντα σταθερότητος.

Ὁ κ. Πλαστήρας ἐδήλωσε πρὸς τὸν ἀνταποκριτὴν τουρκικῆς ἐφημερίδος ὅτι ἡ Ἑλληνοτουρκικὴ φιλία ἀποτελεῖ παράγοντα σταθερότητος.

ΠΕΡΙΕΡΓΟΝ ΟΥΡΑΝΙΟΝ ΦΑΙΝΟΜΕΝΟΝ ΕΘΕΑΘΗ ΕΙΣ ΤΗΝ ΠΕΡΙΟΧΗΝ ΤΗΣ ΗΛΕΙΑΣ

ΠΥΡΓΟΣ, 3. (Τοῦ ἀνταποκριτοῦ μας). — Χθὲς τὴν νύκτα ἐθεάθη εἰς τὸν οὐρανὸν τῆς περιοχῆς Ἠλείας φωτεινὸς δίσκος κινούμενος μὲ μεγάλην ταχύτητα.

ΠΥΡΓΟΣ, 3. (Τοῦ ἀνταποκριτοῦ μας). — Χθὲς τὴν νύκτα ἐθεάθη εἰς τὸν οὐρανὸν τῆς περιοχῆς Ἠλείας φωτεινὸς δίσκος κινούμενος μὲ μεγάλην ταχύτητα.

ΑΜΕΡΙΚΑΝΙΚΑ ΠΟΛΕΜΙΚΑ ΕΝΤΟΣ ΤΟΥ ΙΟΥΝΙΟΥ ΘΑ ΕΠΙΣΚΕΦΘΟΥΝ ΕΛΛΗΝΙΚΟΥΣ ΛΙΜΕΝΑΣ

Συμφώνως πρὸς ἀνακοίνωσιν τοῦ Ναυτικοῦ Ἀκολούθου τῆς Ἀμερικανικῆς Πρεσβείας ἀμερικανικὰ πολεμικὰ θὰ ἐπισκεφθοῦν Ἑλληνικοὺς λιμένας.

Συμφώνως πρὸς ἀνακοίνωσιν τοῦ Ναυτικοῦ Ἀκολούθου τῆς Ἀμερικανικῆς Πρεσβείας ἀμερικανικὰ πολεμικὰ θὰ ἐπισκεφθοῦν Ἑλληνικοὺς λιμένας.

ΟΙ ΣΙΤΟΠΑΡΑΓΩΓΟΙ ΑΝΕΠΤΥΞΑΝ ΧΘΕΣ ΤΑΣ ΑΠΟΨΕΙΣ ΤΩΝ ΕΙΣ ΤΟΥΣ ΑΜΕΡΙΚΑΝΟΥΣ

Οἱ ἀντιπρόσωποι τῶν σιτοπαραγωγῶν ἀνέπτυξαν χθὲς εἰς τὴν Ἀμερικανικὴν Ἀποστολὴν τὰς ἀπόψεις των ἐπὶ τοῦ ζητήματος τῆς τιμῆς τοῦ σίτου.

Οἱ ἀντιπρόσωποι τῶν σιτοπαραγωγῶν ἀνέπτυξαν χθὲς εἰς τὴν Ἀμερικανικὴν Ἀποστολὴν τὰς ἀπόψεις των ἐπὶ τοῦ ζητήματος τῆς τιμῆς τοῦ σίτου.

Οἱ ἀντιπρόσωποι τῶν σιτοπαραγωγῶν ἀνέπτυξαν χθὲς εἰς τὴν Ἀμερικανικὴν Ἀποστολὴν τὰς ἀπόψεις των ἐπὶ τοῦ ζητήματος τῆς τιμῆς τοῦ σίτου.

Οἱ ἀντιπρόσωποι τῶν σιτοπαραγωγῶν ἀνέπτυξαν χθὲς εἰς τὴν Ἀμερικανικὴν Ἀποστολὴν τὰς ἀπόψεις των ἐπὶ τοῦ ζητήματος τῆς τιμῆς τοῦ σίτου.

ΑΙ ΔΥΤΙΚΑΙ ΔΥΝΑΜΕΙΣ
ΙΣΧΥΡΑΙ Ν' ΑΝΑΤΡΕΨΟΥΝ
ΤΑ ΣΧΕΔΙΑ ΤΩΝ ΣΟΒΙΕΤ

ΝΕΑ ΥΟΡΚΗ, 3. (Τοῦ ἀνταποκριτοῦ μας). — Εἰς ἄρθρον του ὁ γνωστὸς πολιτικὸς σχολιαστὴς ὑποστηρίζει ὅτι αἱ δυτικαὶ δυνάμεις εἶναι ἀρκετὰ ἰσχυραὶ ὥστε νὰ ἀνατρέψουν τὰ σχέδια τῶν Σοβιέτ.

ΝΕΑ ΥΟΡΚΗ, 3. (Τοῦ ἀνταποκριτοῦ μας). — Εἰς ἄρθρον του ὁ γνωστὸς πολιτικὸς σχολιαστὴς ὑποστηρίζει ὅτι αἱ δυτικαὶ δυνάμεις εἶναι ἀρκετὰ ἰσχυραὶ ὥστε νὰ ἀνατρέψουν τὰ σχέδια τῶν Σοβιέτ.

ΝΕΑ ΥΟΡΚΗ, 3. (Τοῦ ἀνταποκριτοῦ μας). — Εἰς ἄρθρον του ὁ γνωστὸς πολιτικὸς σχολιαστὴς ὑποστηρίζει ὅτι αἱ δυτικαὶ δυνάμεις εἶναι ἀρκετὰ ἰσχυραὶ ὥστε νὰ ἀνατρέψουν τὰ σχέδια τῶν Σοβιέτ.

ΣΤΕΦ. ΖΩΤΟΣ
Η ΑΜΥΝΑ ΤΗΣ Β. ΕΥΡΩΠΗΣ

ΛΟΝΔΙΝΟΝ, 3. (Ἰδ. ὑπ.). — Κατὰ τὴν διάσκεψιν τῶν ἀρχηγῶν τῶν ἐπιτελείων ἐξητάσθη τὸ ζήτημα τῆς ἀμύνης τῆς Βορείου Εὐρώπης.

ΤΙ ΘΑ ΔΑΠΑΝΗΘΗ

ΟΥΑΣΙΓΚΤΩΝ, 3. (Ἰδ. ὑπ.). — Ἡ Ἀμερικὴ θὰ δαπανήσῃ μεγάλα ποσὰ διὰ τὴν ἐνίσχυσιν τῆς ἀμύνης τῶν χωρῶν τοῦ Ἀτλαντικοῦ.

Ὁ ἀπεργιακὸς ἀγὼν τῶν ναυτικῶν διεκόπη χθὲς καὶ τὰ ἀκτοπλοϊκὰ πλοῖα ἐξετέλεσαν κανονικῶς τὰ δρομολόγιά των.

ΛΑΜΙΑ, 3. (Τοῦ ἀνταποκριτοῦ μας). — Ἐξετελέσθησαν σήμερον εἰς Καρπενήσιον οἱ καταδικασθέντες ὑπὸ τοῦ ἐκτάκτου στρατοδικείου.

Ὁ ἀπεργιακὸς ἀγὼν τῶν ναυτικῶν διεκόπη χθὲς καὶ τὰ ἀκτοπλοϊκὰ πλοῖα ἐξετέλεσαν κανονικῶς τὰ δρομολόγιά των.

ΛΑΜΙΑ, 3. (Τοῦ ἀνταποκριτοῦ μας). — Ἐξετελέσθησαν σήμερον εἰς Καρπενήσιον οἱ καταδικασθέντες ὑπὸ τοῦ ἐκτάκτου στρατοδικείου.

Ὁ ἀπεργιακὸς ἀγὼν τῶν ναυτικῶν διεκόπη χθὲς καὶ τὰ ἀκτοπλοϊκὰ πλοῖα ἐξετέλεσαν κανονικῶς τὰ δρομολόγιά των.

ΛΑΜΙΑ, 3. (Τοῦ ἀνταποκριτοῦ μας). — Ἐξετελέσθησαν σήμερον εἰς Καρπενήσιον οἱ καταδικασθέντες ὑπὸ τοῦ ἐκτάκτου στρατοδικείου.

Διὰ βασιλικοῦ διατάγματος διωρίσθησαν οἱ νέοι πρεσβευταὶ τῆς Ἑλλάδος εἰς Οὐάσιγκτων καὶ Ρώμην.

ΛΑΜΙΑ, 3. (Τοῦ ἀνταποκριτοῦ μας). — Ἐξετελέσθησαν σήμερον εἰς Καρπενήσιον οἱ καταδικασθέντες ὑπὸ τοῦ ἐκτάκτου στρατοδικείου.

Διὰ βασιλικοῦ διατάγματος διωρίσθησαν οἱ νέοι πρεσβευταὶ τῆς Ἑλλάδος εἰς Οὐάσιγκτων καὶ Ρώμην.
